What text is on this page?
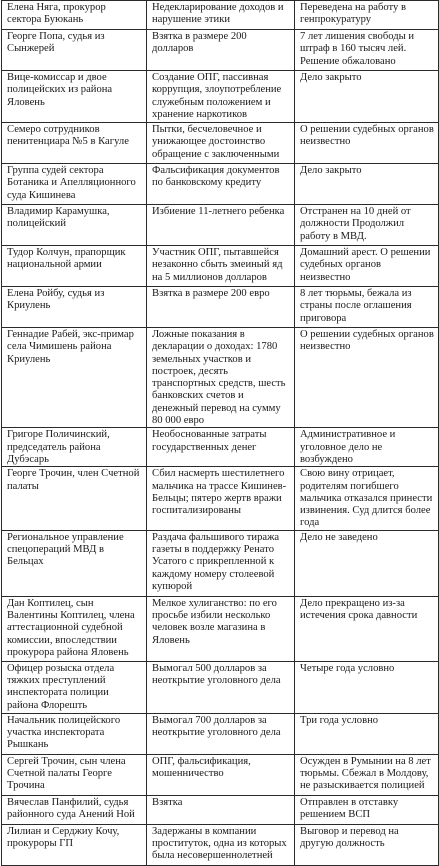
Елена Нягa, прокурор сектора Буюкань	Недекларирование доходов и нарушение этики	Переведена на работу в генпрокуратуру
Георге Попа, судья из Сынжерей	Взятка в размере 200 долларов	7 лет лишения свободы и штраф в 160 тысяч лей. Решение обжаловано
Вице-комиссар и двое полицейских из района Яловень	Создание ОПГ, пассивная коррупция, злоупотребление служебным положением и хранение наркотиков	Дело закрыто
Семеро сотрудников пенитенциара №5 в Кагуле	Пытки, бесчеловечное и унижающее достоинство обращение с заключенными	О решении судебных органов неизвестно
Группа судей сектора Ботаника и Апелляционного суда Кишинева	Фальсификация документов по банковскому кредиту	Дело закрыто
Владимир Карамушка, полицейский	Избиение 11-летнего ребенка	Отстранен на 10 дней от должности Продолжил работу в МВД.
Тудор Колчун, прапорщик национальной армии	Участник ОПГ, пытавшейся незаконно сбыть змеиный яд на 5 миллионов долларов	Домашний арест. О решении судебных органов неизвестно
Елена Ройбу, судья из Криулень	Взятка в размере 200 евро	8 лет тюрьмы, бежала из страны после оглашения приговора
Геннадие Рабей, экс-примар села Чимишень района Криулень	Ложные показания в декларации о доходах: 1780 земельных участков и построек, десять транспортных средств, шесть банковских счетов и денежный перевод на сумму 80 000 евро	О решении судебных органов неизвестно
Григоре Поличинский, председатель района Дубэсарь	Необоснованные затраты государственных денег	Административное и уголовное дело не возбуждено
Георге Трочин, член Счетной палаты	Сбил насмерть шестилетнего мальчика на трассе Кишинев-Бельцы; пятеро жертв вражи госпитализированы	Свою вину отрицает, родителям погибшего мальчика отказался принести извинения. Суд длится более года
Региональное управление спецопераций МВД в Бельцах	Раздача фальшивого тиража газеты в поддержку Ренато Усатого с прикрепленной к каждому номеру столеевой купюрой	Дело не заведено
Дан Коптилец, сын Валентины Коптилец, члена аттестационной судебной комиссии, впоследствии прокурора района Яловень	Мелкое хулиганство: по его просьбе избили несколько человек возле магазина в Яловень	Дело прекращено из-за истечения срока давности
Офицер розыска отдела тяжких преступлений инспектората полиции района Флорешть	Вымогал 500 долларов за неоткрытие уголовного дела	Четыре года условно
Начальник полицейского участка инспектората Рышкань	Вымогал 700 долларов за неоткрытие уголовного дела	Три года условно
Сергей Трочин, сын члена Счетной палаты Георге Трочина	ОПГ, фальсификация, мошенничество	Осужден в Румынии на 8 лет тюрьмы. Сбежал в Молдову, не разыскивается полицией
Вячеслав Панфилий, судья районного суда Анений Ной	Взятка	Отправлен в отставку решением ВСП
Лилиан и Серджиу Кочу, прокуроры ГП	Задержаны в компании проституток, одна из которых была несовершеннолетней	Выговор и перевод на другую должность
